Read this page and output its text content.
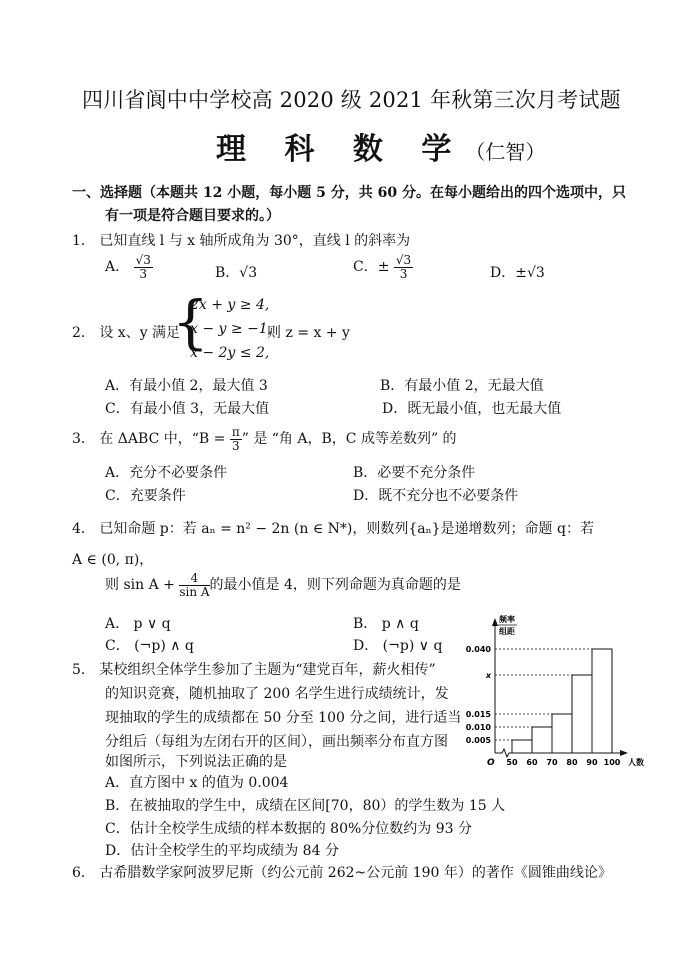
四川省阆中中学校高 2020 级 2021 年秋第三次月考试题
理 科 数 学（仁智）
一、选择题（本题共 12 小题，每小题 5 分，共 60 分。在每小题给出的四个选项中，只
有一项是符合题目要求的。）
1． 已知直线 l 与 x 轴所成角为 30°，直线 l 的斜率为
A． $\frac{√3}{3}$	B．√3	C．± $\frac{√3}{3}$	D．±√3
2． 设 x、y 满足
{
2x + y ≥ 4,
x − y ≥ −1,
x − 2y ≤ 2,
则 z = x + y
A．有最小值 2，最大值 3	B．有最小值 2，无最大值
C．有最小值 3，无最大值	D．既无最小值，也无最大值
3． 在 ΔABC 中，“$B = \frac{\pi}{3}$ ” 是 “角 A，B，C 成等差数列” 的
A．充分不必要条件	B．必要不充分条件
C．充要条件	D．既不充分也不必要条件
4． 已知命题 p：若 aₙ = n² − 2n (n ∈ N*)，则数列{aₙ}是递增数列；命题 q：若
A ∈ (0, π)，
则 $\sin A + \frac{4}{\text{sin A}}$ 的最小值是 4，则下列命题为真命题的是
A． p ∨ q	B． p ∧ q
C． (¬p) ∧ q	D． (¬p) ∨ q
5． 某校组织全体学生参加了主题为“建党百年，薪火相传”
的知识竞赛，随机抽取了 200 名学生进行成绩统计，发
现抽取的学生的成绩都在 50 分至 100 分之间，进行适当
分组后（每组为左闭右开的区间），画出频率分布直方图
如图所示，下列说法正确的是
A．直方图中 x 的值为 0.004
B．在被抽取的学生中，成绩在区间[70，80）的学生数为 15 人
C．估计全校学生成绩的样本数据的 80%分位数约为 93 分
D．估计全校学生的平均成绩为 84 分
6． 古希腊数学家阿波罗尼斯（约公元前 262~公元前 190 年）的著作《圆锥曲线论》
频率
组距
0.040
x
0.015
0.010
0.005
50 60 70 80 90 100
O	人数
